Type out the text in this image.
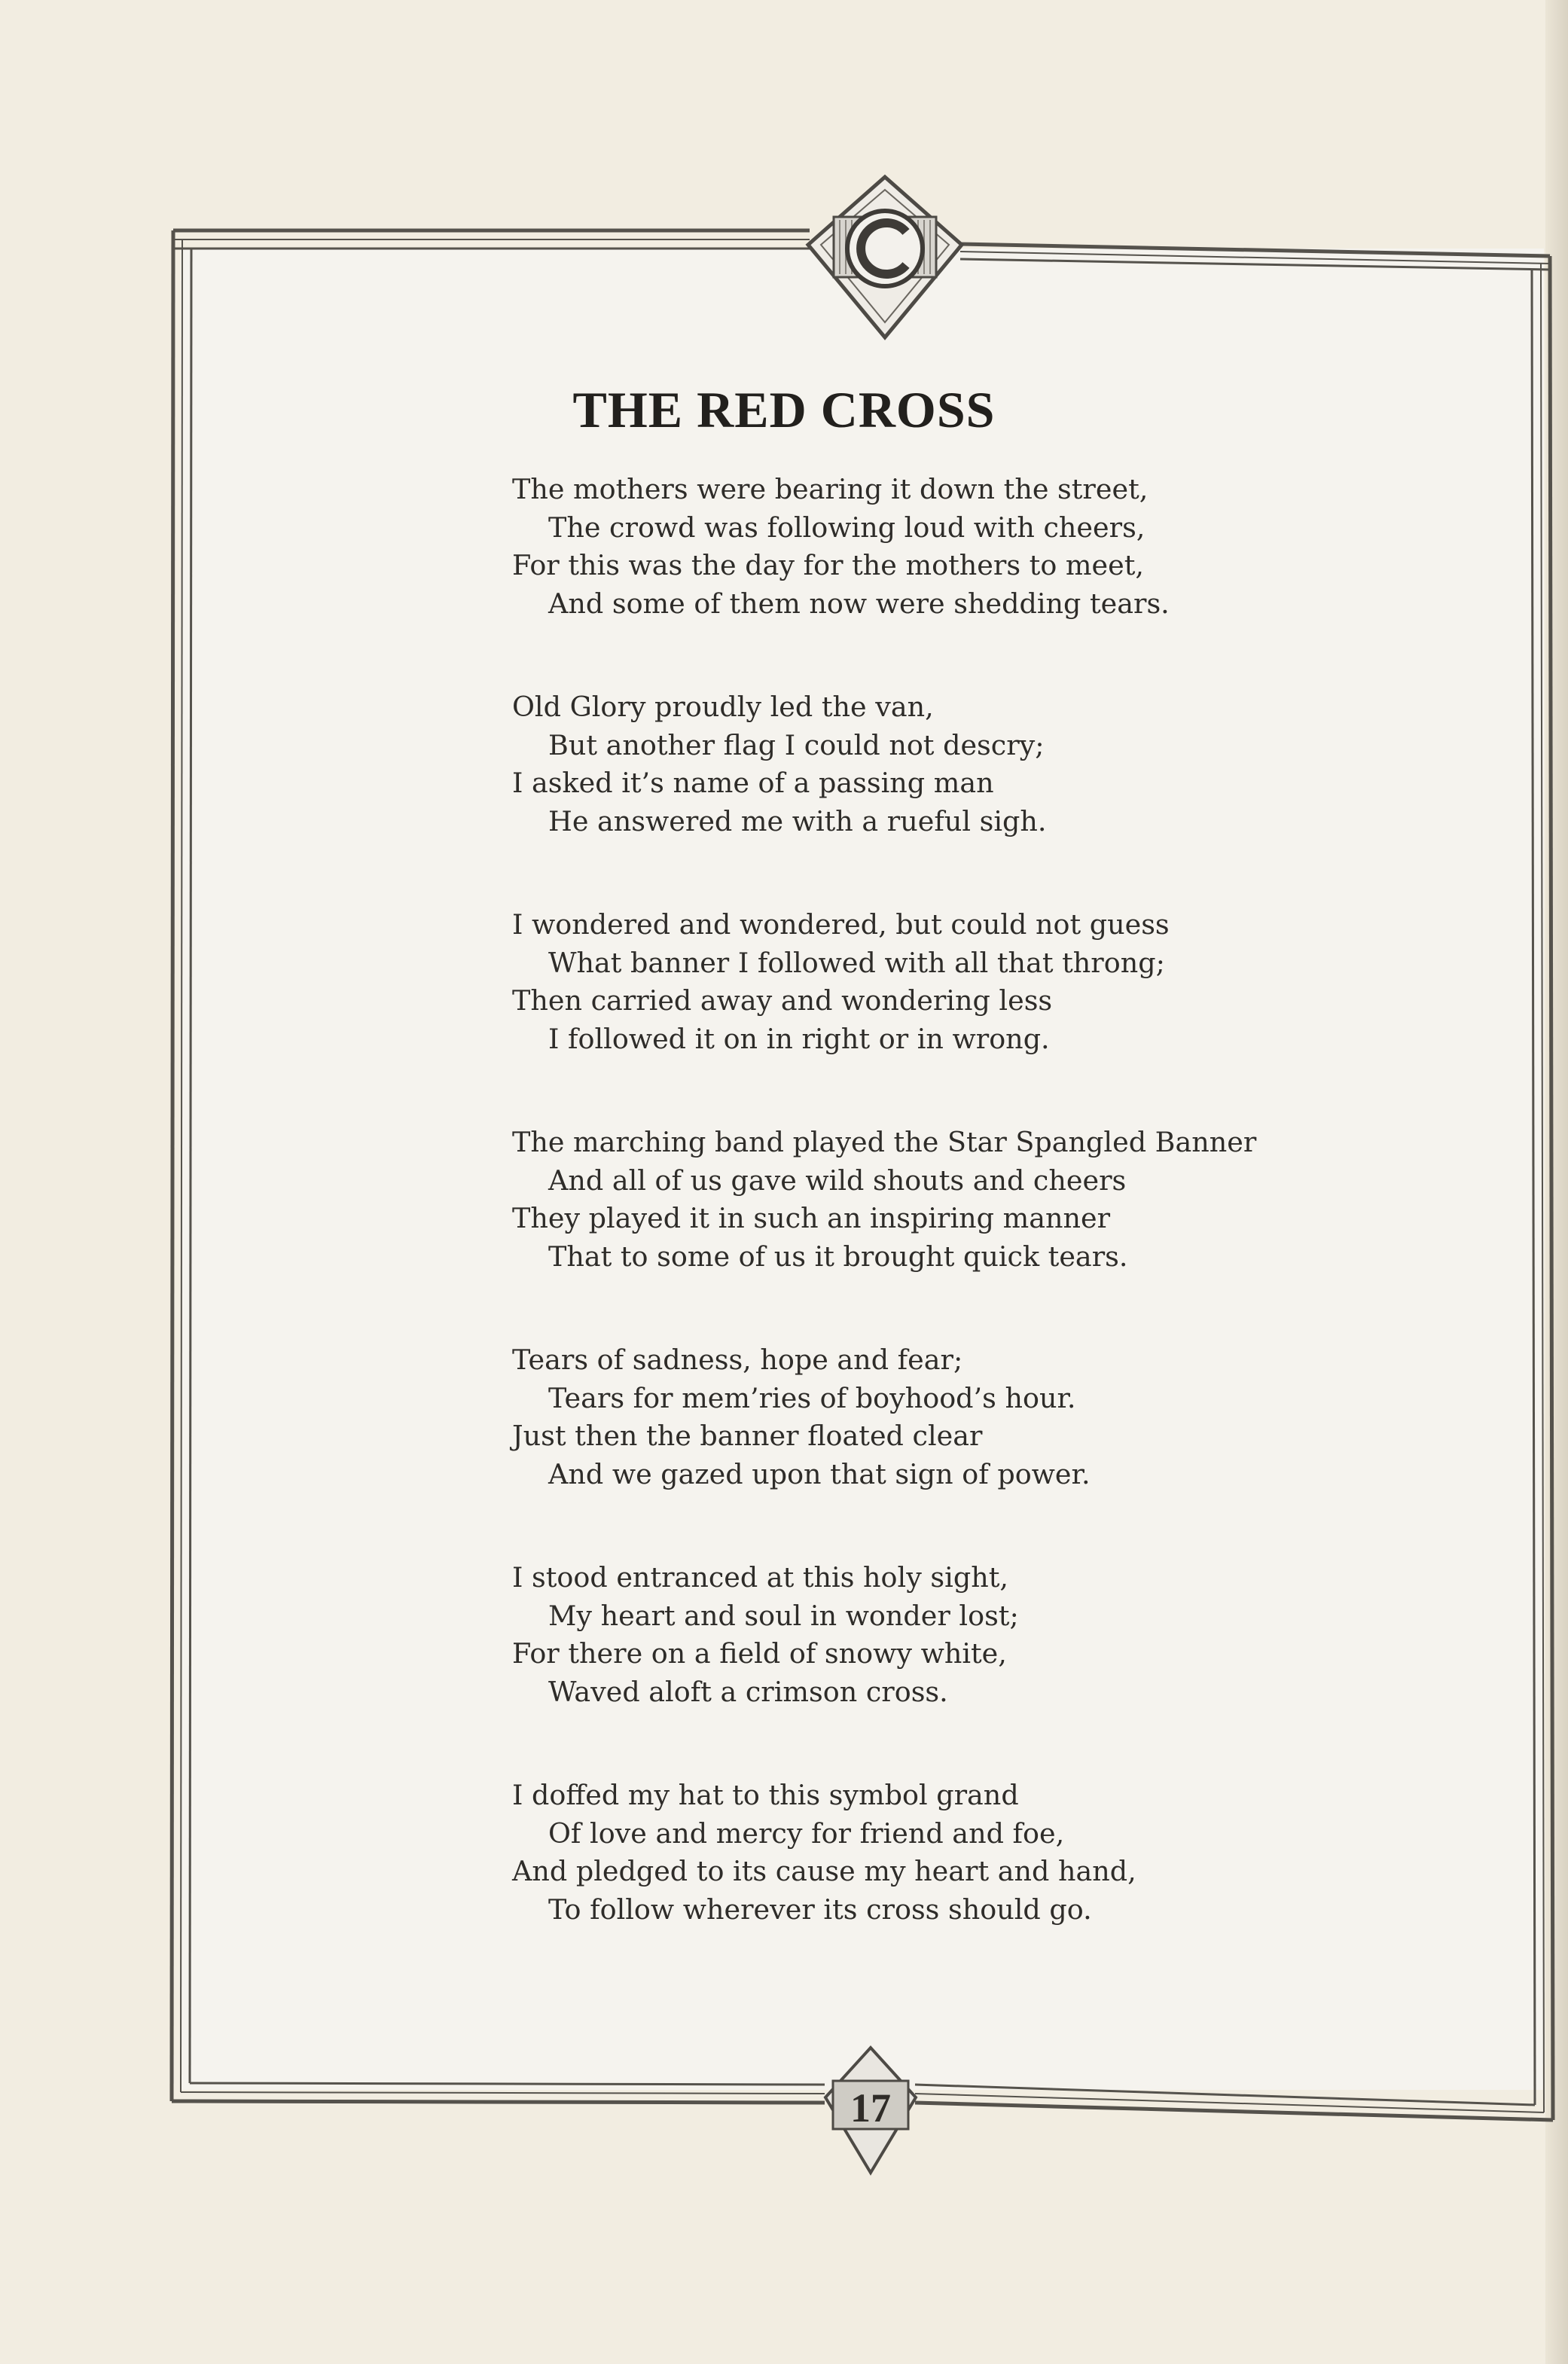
17
THE RED CROSS
The mothers were bearing it down the street,
The crowd was following loud with cheers,
For this was the day for the mothers to meet,
And some of them now were shedding tears.
Old Glory proudly led the van,
But another flag I could not descry;
I asked it’s name of a passing man
He answered me with a rueful sigh.
I wondered and wondered, but could not guess
What banner I followed with all that throng;
Then carried away and wondering less
I followed it on in right or in wrong.
The marching band played the Star Spangled Banner
And all of us gave wild shouts and cheers
They played it in such an inspiring manner
That to some of us it brought quick tears.
Tears of sadness, hope and fear;
Tears for mem’ries of boyhood’s hour.
Just then the banner floated clear
And we gazed upon that sign of power.
I stood entranced at this holy sight,
My heart and soul in wonder lost;
For there on a field of snowy white,
Waved aloft a crimson cross.
I doffed my hat to this symbol grand
Of love and mercy for friend and foe,
And pledged to its cause my heart and hand,
To follow wherever its cross should go.
